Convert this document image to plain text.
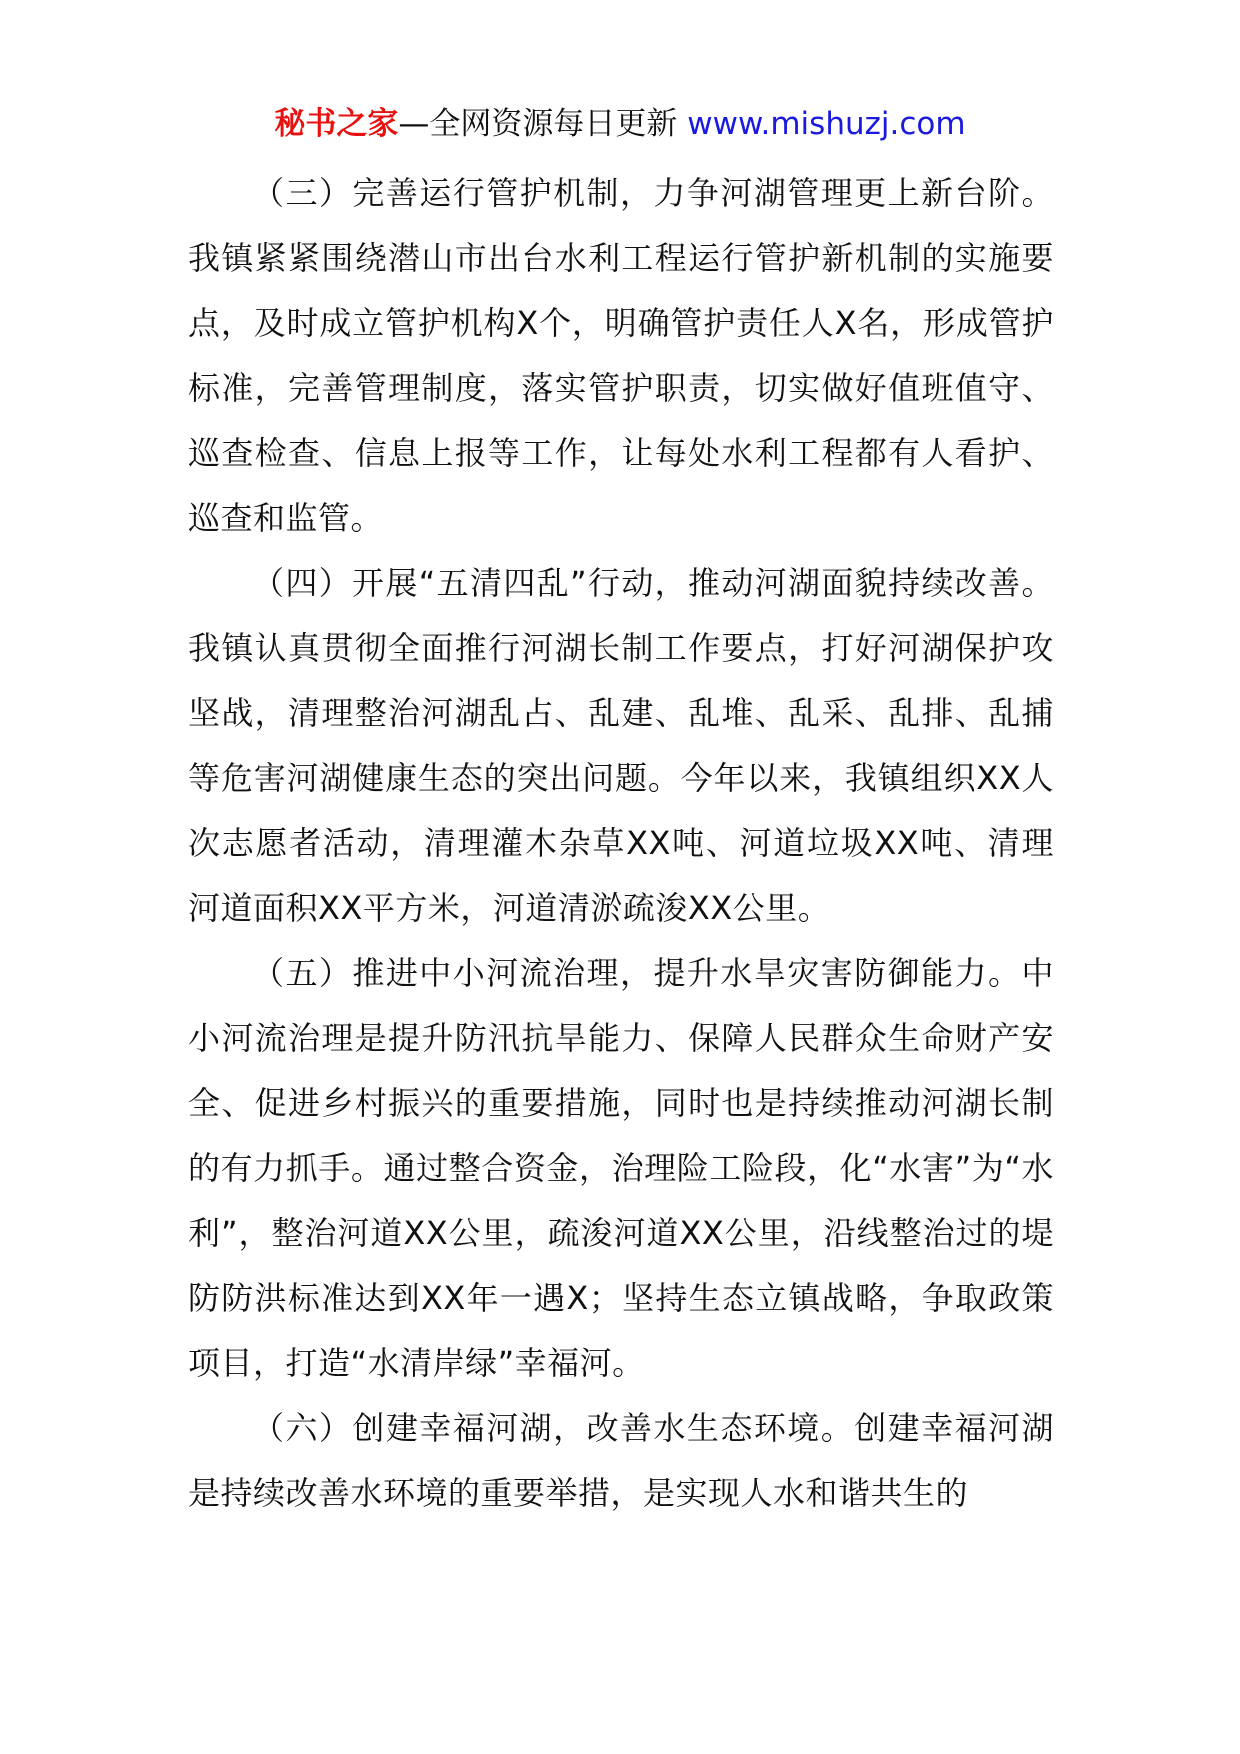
秘书之家—全网资源每日更新 www.mishuzj.com

（三）完善运行管护机制，力争河湖管理更上新台阶。我镇紧紧围绕潜山市出台水利工程运行管护新机制的实施要点，及时成立管护机构X个，明确管护责任人X名，形成管护标准，完善管理制度，落实管护职责，切实做好值班值守、巡查检查、信息上报等工作，让每处水利工程都有人看护、巡查和监管。

（四）开展“五清四乱”行动，推动河湖面貌持续改善。我镇认真贯彻全面推行河湖长制工作要点，打好河湖保护攻坚战，清理整治河湖乱占、乱建、乱堆、乱采、乱排、乱捕等危害河湖健康生态的突出问题。今年以来，我镇组织XX人次志愿者活动，清理灌木杂草XX吨、河道垃圾XX吨、清理河道面积XX平方米，河道清淤疏浚XX公里。

（五）推进中小河流治理，提升水旱灾害防御能力。中小河流治理是提升防汛抗旱能力、保障人民群众生命财产安全、促进乡村振兴的重要措施，同时也是持续推动河湖长制的有力抓手。通过整合资金，治理险工险段，化“水害”为“水利”，整治河道XX公里，疏浚河道XX公里，沿线整治过的堤防防洪标准达到XX年一遇X；坚持生态立镇战略，争取政策项目，打造“水清岸绿”幸福河。

（六）创建幸福河湖，改善水生态环境。创建幸福河湖是持续改善水环境的重要举措，是实现人水和谐共生的
